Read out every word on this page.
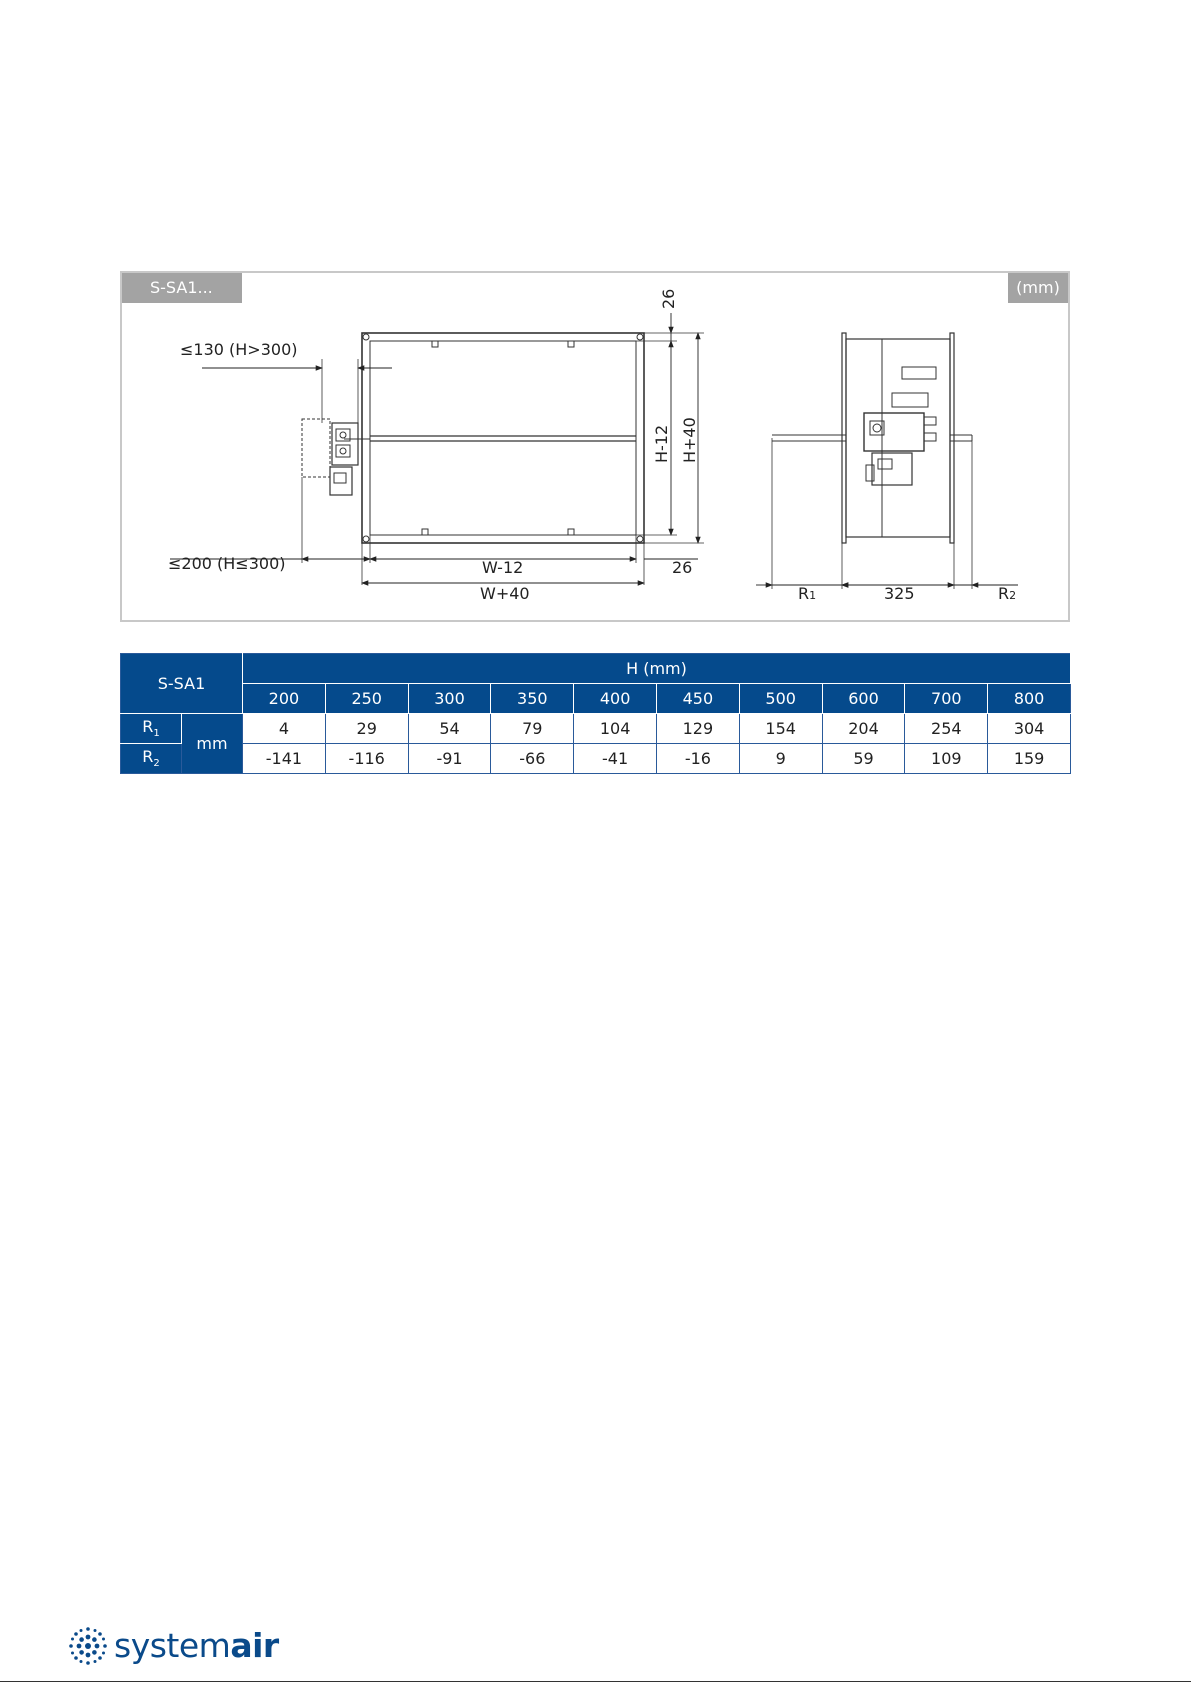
S-SA1...	(mm)
≤130 (H>300)
≤200 (H≤300)	W-12
W+40
26
26
H-12 H+40
R1	325	R2
S-SA1		H (mm)									
		200	250	300	350	400	450	500	600	700	800
$R_1$	mm	4	29	54	79	104	129	154	204	254	304
$R_2$		-141	-116	-91	-66	-41	-16	9	59	109	159
systemair
